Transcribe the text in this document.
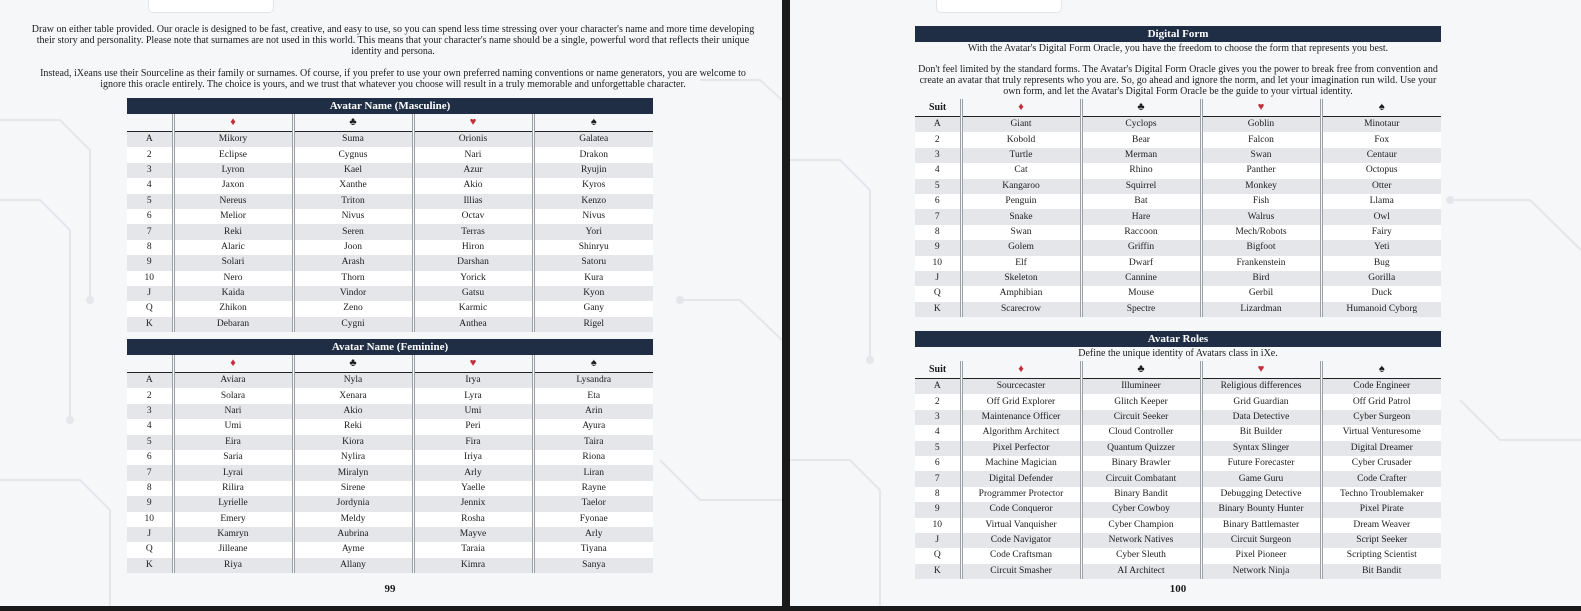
Draw on either table provided. Our oracle is designed to be fast, creative, and easy to use, so you can spend less time stressing over your character's name and more time developing their story and personality. Please note that surnames are not used in this world. This means that your character's name should be a single, powerful word that reflects their unique identity and persona.

Instead, iXeans use their Sourceline as their family or surnames. Of course, if you prefer to use your own preferred naming conventions or name generators, you are welcome to ignore this oracle entirely. The choice is yours, and we trust that whatever you choose will result in a truly memorable and unforgettable character.

Avatar Name (Masculine)
	♦	♣	♥	♠
A	Mikory	Suma	Orionis	Galatea
2	Eclipse	Cygnus	Nari	Drakon
3	Lyron	Kael	Azur	Ryujin
4	Jaxon	Xanthe	Akio	Kyros
5	Nereus	Triton	Illias	Kenzo
6	Melior	Nivus	Octav	Nivus
7	Reki	Seren	Terras	Yori
8	Alaric	Joon	Hiron	Shinryu
9	Solari	Arash	Darshan	Satoru
10	Nero	Thorn	Yorick	Kura
J	Kaida	Vindor	Gatsu	Kyon
Q	Zhikon	Zeno	Karmic	Gany
K	Debaran	Cygni	Anthea	Rigel
Avatar Name (Feminine)
	♦	♣	♥	♠
A	Aviara	Nyla	Irya	Lysandra
2	Solara	Xenara	Lyra	Eta
3	Nari	Akio	Umi	Arin
4	Umi	Reki	Peri	Ayura
5	Eira	Kiora	Fira	Taira
6	Saria	Nylira	Iriya	Riona
7	Lyrai	Miralyn	Arly	Liran
8	Rilira	Sirene	Yaelle	Rayne
9	Lyrielle	Jordynia	Jennix	Taelor
10	Emery	Meldy	Rosha	Fyonae
J	Kamryn	Aubrina	Mayve	Arly
Q	Jilleane	Ayme	Taraia	Tiyana
K	Riya	Allany	Kimra	Sanya
99
Digital Form

With the Avatar's Digital Form Oracle, you have the freedom to choose the form that represents you best.

Don't feel limited by the standard forms. The Avatar's Digital Form Oracle gives you the power to break free from convention and create an avatar that truly represents who you are. So, go ahead and ignore the norm, and let your imagination run wild. Use your own form, and let the Avatar's Digital Form Oracle be the guide to your virtual identity.

Suit	♦	♣	♥	♠
A	Giant	Cyclops	Goblin	Minotaur
2	Kobold	Bear	Falcon	Fox
3	Turtle	Merman	Swan	Centaur
4	Cat	Rhino	Panther	Octopus
5	Kangaroo	Squirrel	Monkey	Otter
6	Penguin	Bat	Fish	Llama
7	Snake	Hare	Walrus	Owl
8	Swan	Raccoon	Mech/Robots	Fairy
9	Golem	Griffin	Bigfoot	Yeti
10	Elf	Dwarf	Frankenstein	Bug
J	Skeleton	Cannine	Bird	Gorilla
Q	Amphibian	Mouse	Gerbil	Duck
K	Scarecrow	Spectre	Lizardman	Humanoid Cyborg
Avatar Roles

Define the unique identity of Avatars class in iXe.

Suit	♦	♣	♥	♠
A	Sourcecaster	Illumineer	Religious differences	Code Engineer
2	Off Grid Explorer	Glitch Keeper	Grid Guardian	Off Grid Patrol
3	Maintenance Officer	Circuit Seeker	Data Detective	Cyber Surgeon
4	Algorithm Architect	Cloud Controller	Bit Builder	Virtual Venturesome
5	Pixel Perfector	Quantum Quizzer	Syntax Slinger	Digital Dreamer
6	Machine Magician	Binary Brawler	Future Forecaster	Cyber Crusader
7	Digital Defender	Circuit Combatant	Game Guru	Code Crafter
8	Programmer Protector	Binary Bandit	Debugging Detective	Techno Troublemaker
9	Code Conqueror	Cyber Cowboy	Binary Bounty Hunter	Pixel Pirate
10	Virtual Vanquisher	Cyber Champion	Binary Battlemaster	Dream Weaver
J	Code Navigator	Network Natives	Circuit Surgeon	Script Seeker
Q	Code Craftsman	Cyber Sleuth	Pixel Pioneer	Scripting Scientist
K	Circuit Smasher	AI Architect	Network Ninja	Bit Bandit
100
